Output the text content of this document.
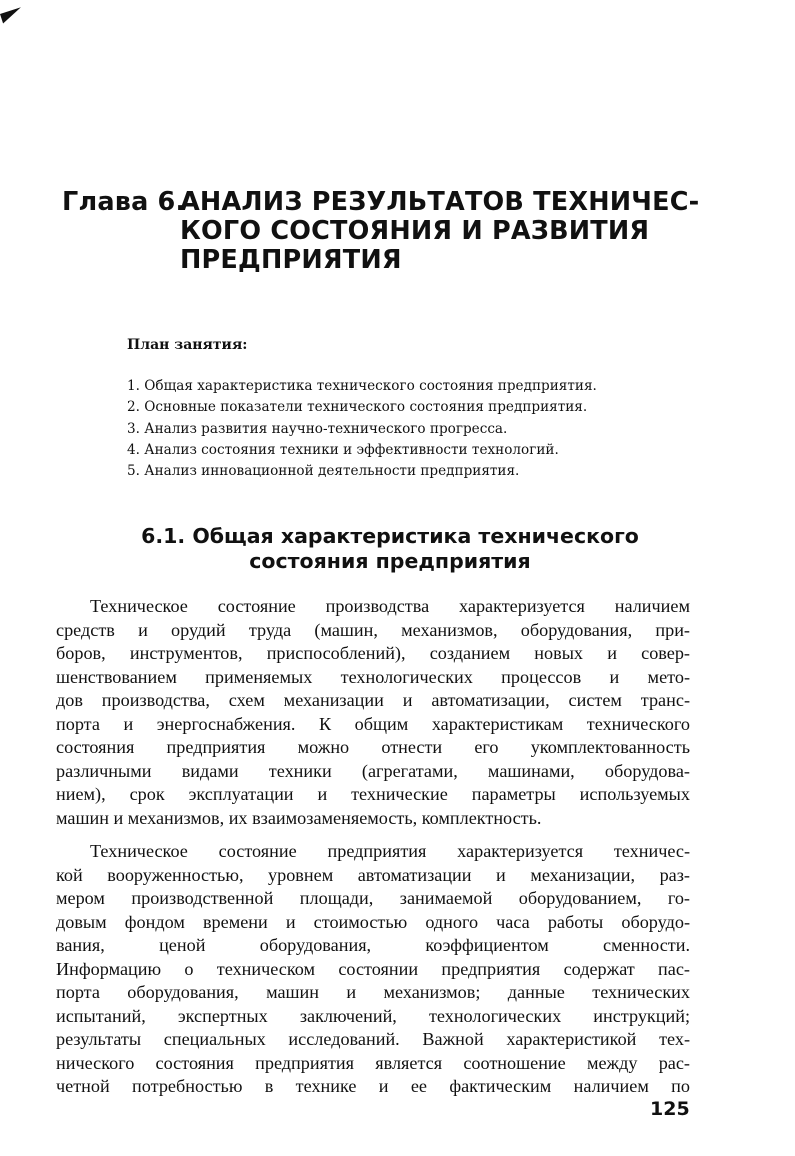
Глава 6.
АНАЛИЗ РЕЗУЛЬТАТОВ ТЕХНИЧЕС-
КОГО СОСТОЯНИЯ И РАЗВИТИЯ
ПРЕДПРИЯТИЯ
План занятия:
1. Общая характеристика технического состояния предприятия.
2. Основные показатели технического состояния предприятия.
3. Анализ развития научно-технического прогресса.
4. Анализ состояния техники и эффективности технологий.
5. Анализ инновационной деятельности предприятия.
6.1. Общая характеристика технического
состояния предприятия
Техническое состояние производства характеризуется наличием
средств и орудий труда (машин, механизмов, оборудования, при-
боров, инструментов, приспособлений), созданием новых и совер-
шенствованием применяемых технологических процессов и мето-
дов производства, схем механизации и автоматизации, систем транс-
порта и энергоснабжения. К общим характеристикам технического
состояния предприятия можно отнести его укомплектованность
различными видами техники (агрегатами, машинами, оборудова-
нием), срок эксплуатации и технические параметры используемых
машин и механизмов, их взаимозаменяемость, комплектность.
Техническое состояние предприятия характеризуется техничес-
кой вооруженностью, уровнем автоматизации и механизации, раз-
мером производственной площади, занимаемой оборудованием, го-
довым фондом времени и стоимостью одного часа работы оборудо-
вания, ценой оборудования, коэффициентом сменности.
Информацию о техническом состоянии предприятия содержат пас-
порта оборудования, машин и механизмов; данные технических
испытаний, экспертных заключений, технологических инструкций;
результаты специальных исследований. Важной характеристикой тех-
нического состояния предприятия является соотношение между рас-
четной потребностью в технике и ее фактическим наличием по
125
